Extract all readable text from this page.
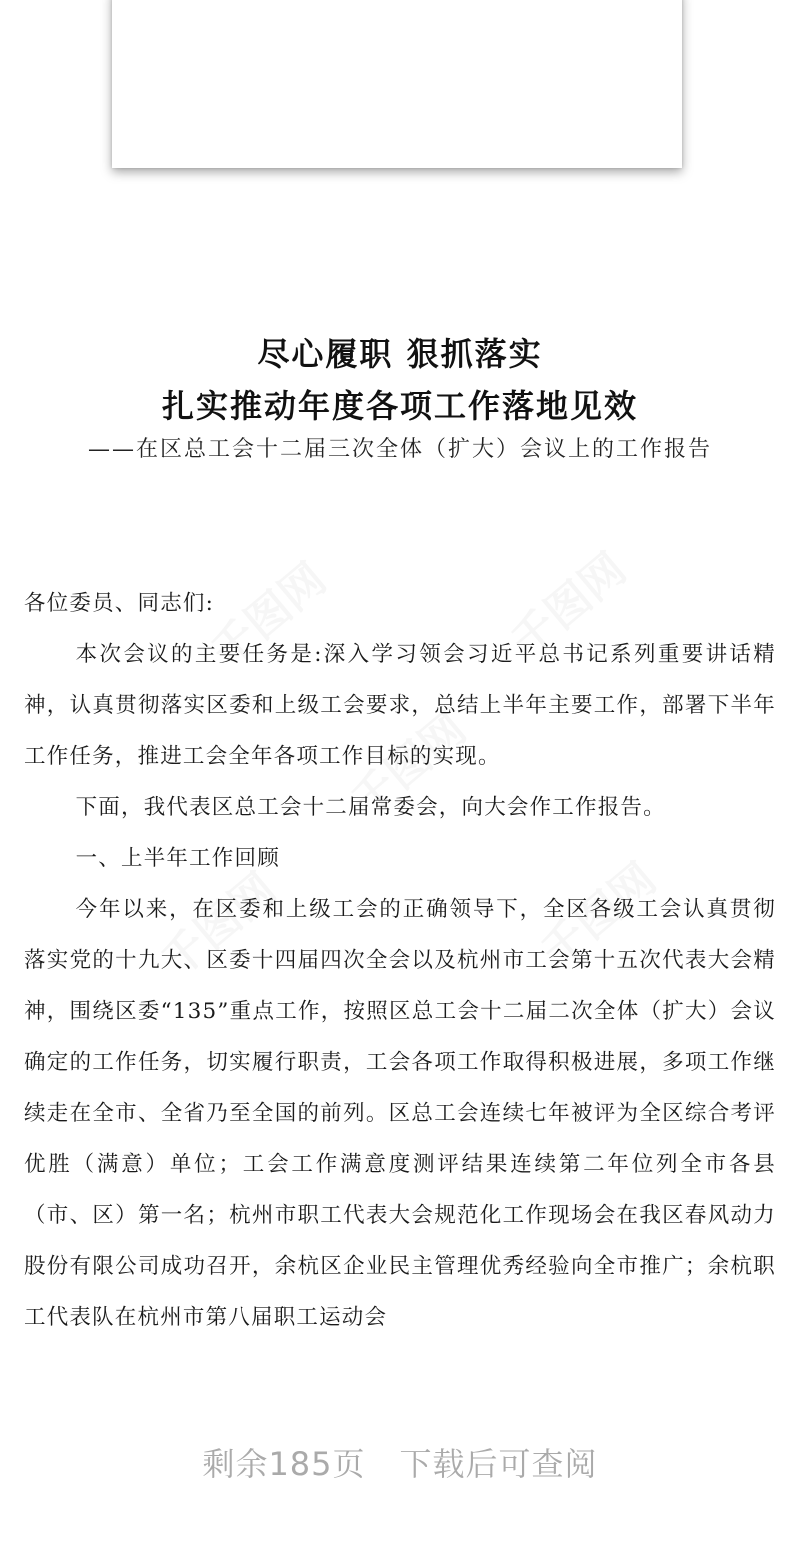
千图网	千图网
千图网
千图网	千图网
尽心履职 狠抓落实
扎实推动年度各项工作落地见效
——在区总工会十二届三次全体（扩大）会议上的工作报告

各位委员、同志们:

本次会议的主要任务是:深入学习领会习近平总书记系列重要讲话精神，认真贯彻落实区委和上级工会要求，总结上半年主要工作，部署下半年工作任务，推进工会全年各项工作目标的实现。

下面，我代表区总工会十二届常委会，向大会作工作报告。

一、上半年工作回顾

今年以来，在区委和上级工会的正确领导下，全区各级工会认真贯彻落实党的十九大、区委十四届四次全会以及杭州市工会第十五次代表大会精神，围绕区委“135”重点工作，按照区总工会十二届二次全体（扩大）会议确定的工作任务，切实履行职责，工会各项工作取得积极进展，多项工作继续走在全市、全省乃至全国的前列。区总工会连续七年被评为全区综合考评优胜（满意）单位；工会工作满意度测评结果连续第二年位列全市各县（市、区）第一名；杭州市职工代表大会规范化工作现场会在我区春风动力股份有限公司成功召开，余杭区企业民主管理优秀经验向全市推广；余杭职工代表队在杭州市第八届职工运动会

剩余185页 下载后可查阅
